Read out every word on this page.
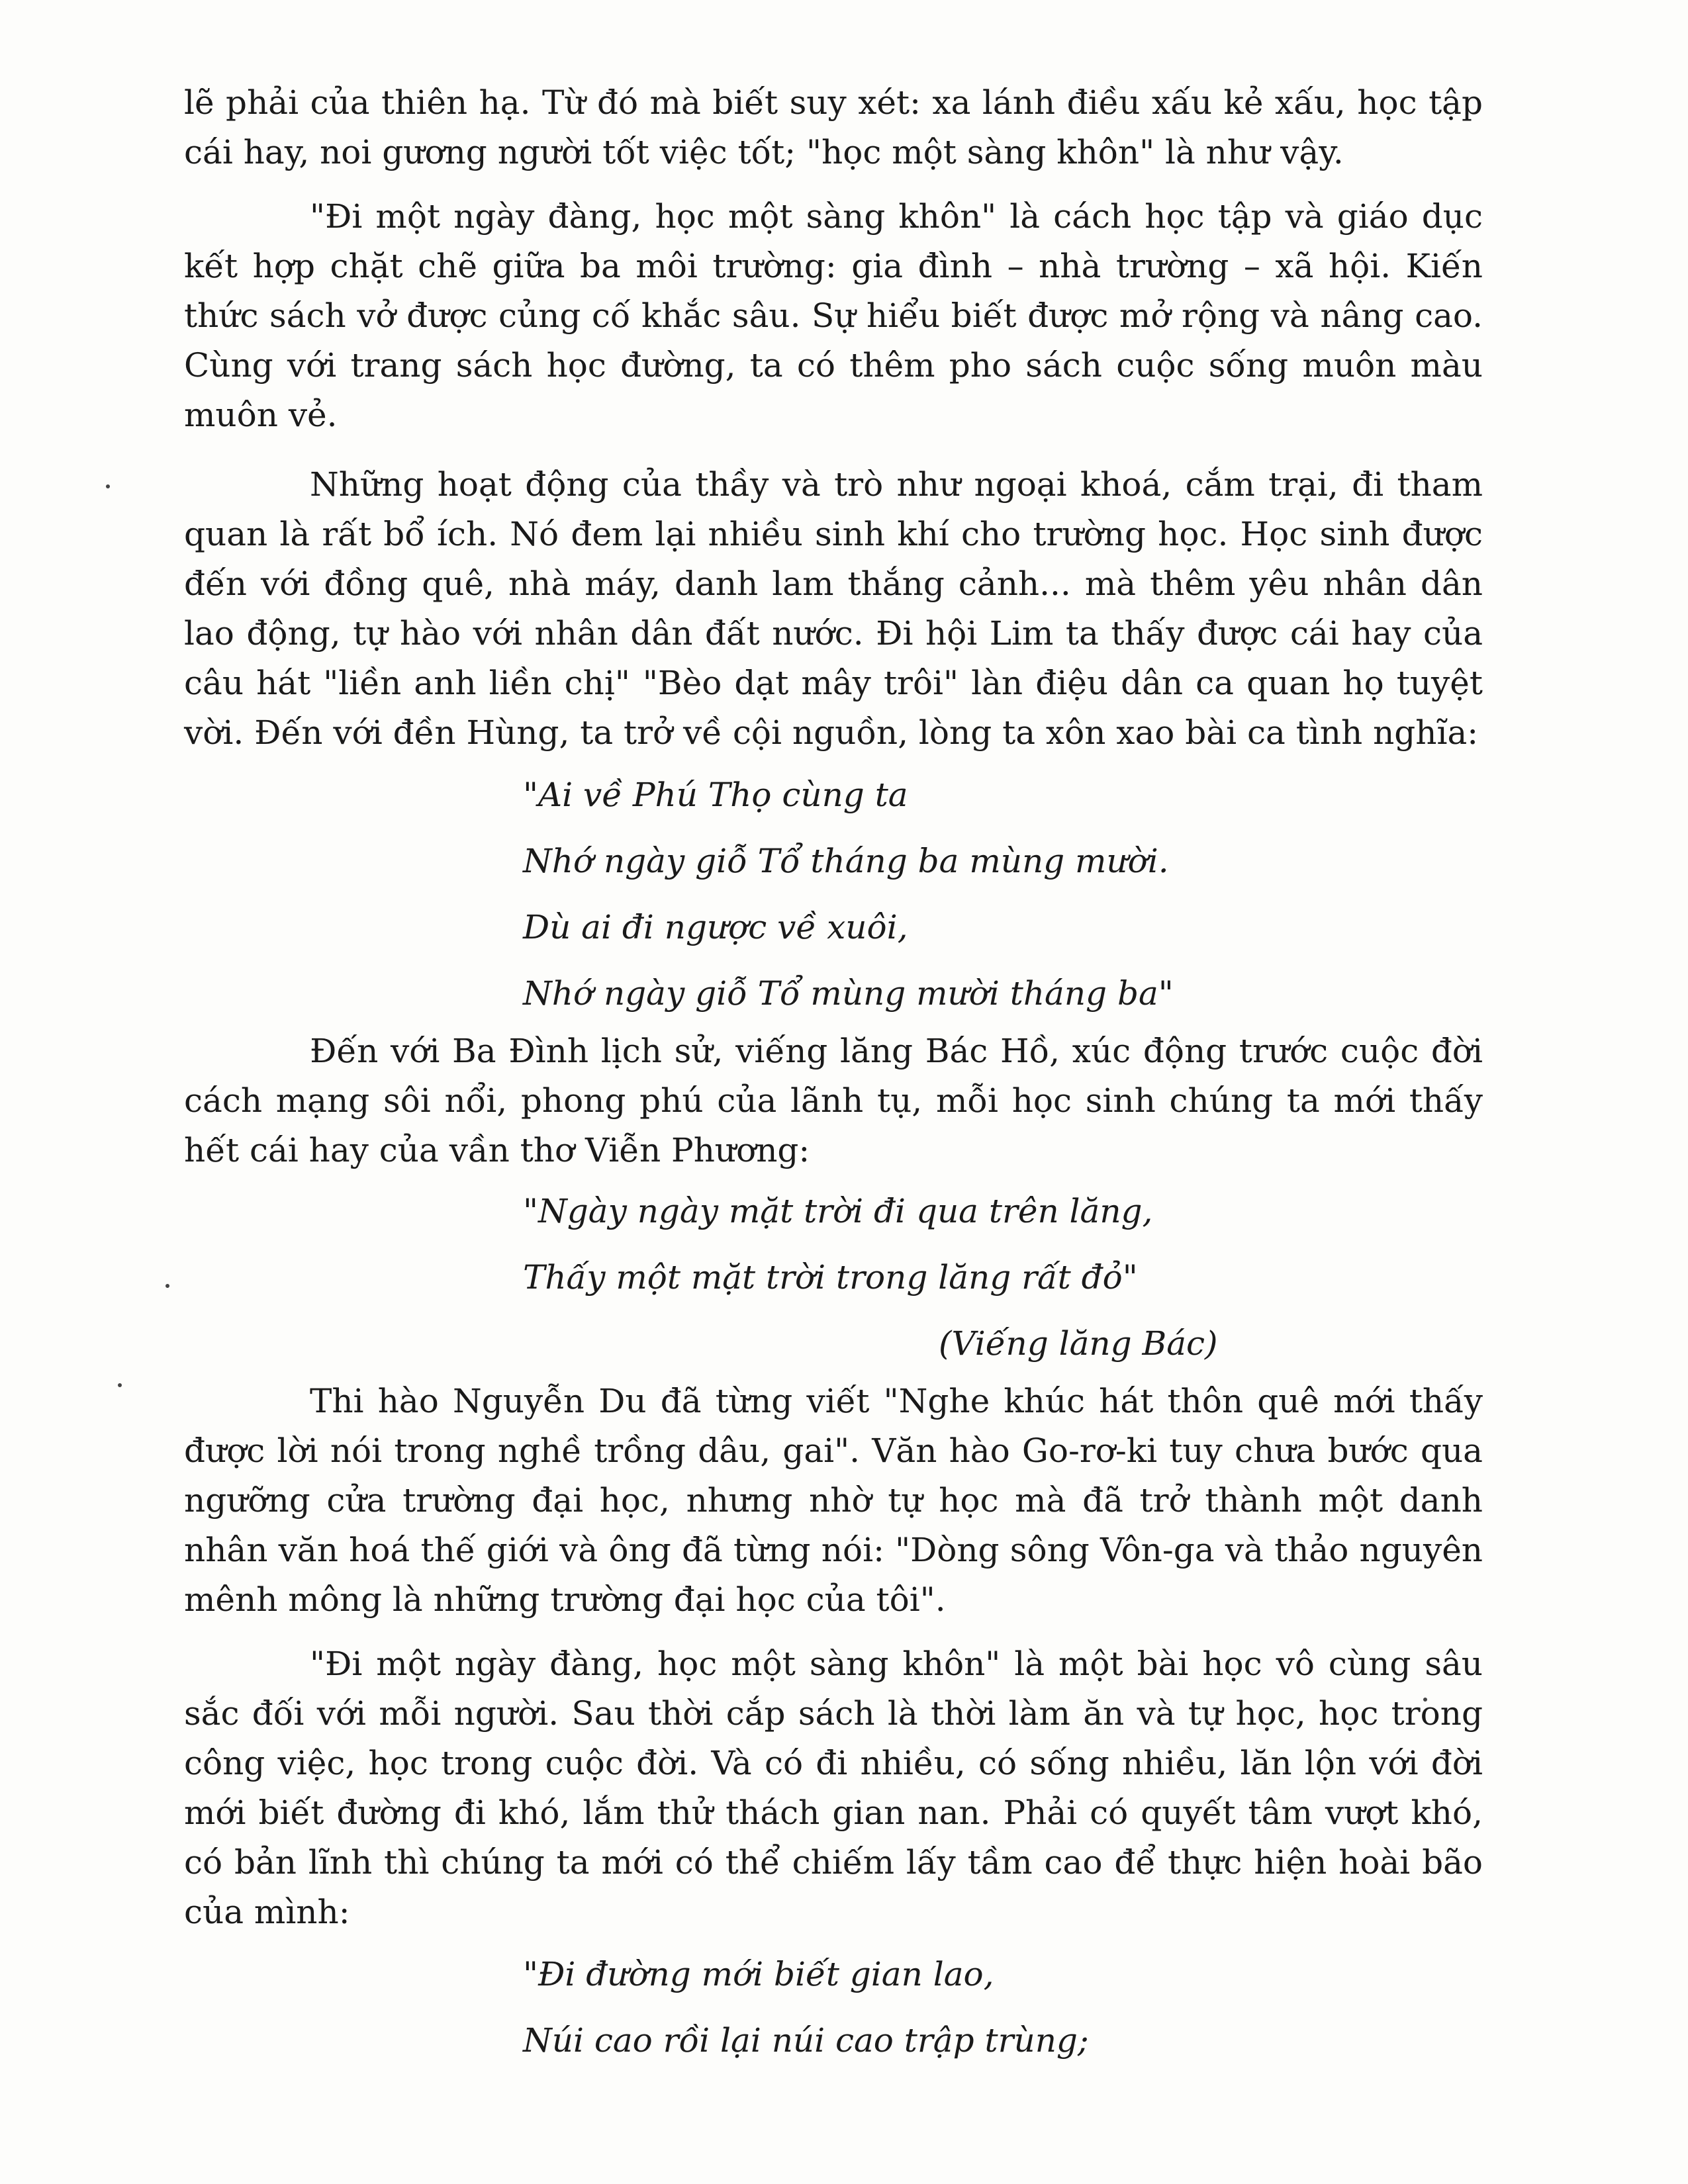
lẽ phải của thiên hạ. Từ đó mà biết suy xét: xa lánh điều xấu kẻ xấu, học tập cái hay, noi gương người tốt việc tốt; "học một sàng khôn" là như vậy.

"Đi một ngày đàng, học một sàng khôn" là cách học tập và giáo dục kết hợp chặt chẽ giữa ba môi trường: gia đình – nhà trường – xã hội. Kiến thức sách vở được củng cố khắc sâu. Sự hiểu biết được mở rộng và nâng cao. Cùng với trang sách học đường, ta có thêm pho sách cuộc sống muôn màu muôn vẻ.

Những hoạt động của thầy và trò như ngoại khoá, cắm trại, đi tham quan là rất bổ ích. Nó đem lại nhiều sinh khí cho trường học. Học sinh được đến với đồng quê, nhà máy, danh lam thắng cảnh... mà thêm yêu nhân dân lao động, tự hào với nhân dân đất nước. Đi hội Lim ta thấy được cái hay của câu hát "liền anh liền chị" "Bèo dạt mây trôi" làn điệu dân ca quan họ tuyệt vời. Đến với đền Hùng, ta trở về cội nguồn, lòng ta xôn xao bài ca tình nghĩa:

"Ai về Phú Thọ cùng ta
Nhớ ngày giỗ Tổ tháng ba mùng mười.
Dù ai đi ngược về xuôi,
Nhớ ngày giỗ Tổ mùng mười tháng ba"

Đến với Ba Đình lịch sử, viếng lăng Bác Hồ, xúc động trước cuộc đời cách mạng sôi nổi, phong phú của lãnh tụ, mỗi học sinh chúng ta mới thấy hết cái hay của vần thơ Viễn Phương:

"Ngày ngày mặt trời đi qua trên lăng,
Thấy một mặt trời trong lăng rất đỏ"
(Viếng lăng Bác)

Thi hào Nguyễn Du đã từng viết "Nghe khúc hát thôn quê mới thấy được lời nói trong nghề trồng dâu, gai". Văn hào Go-rơ-ki tuy chưa bước qua ngưỡng cửa trường đại học, nhưng nhờ tự học mà đã trở thành một danh nhân văn hoá thế giới và ông đã từng nói: "Dòng sông Vôn-ga và thảo nguyên mênh mông là những trường đại học của tôi".

"Đi một ngày đàng, học một sàng khôn" là một bài học vô cùng sâu sắc đối với mỗi người. Sau thời cắp sách là thời làm ăn và tự học, học trong công việc, học trong cuộc đời. Và có đi nhiều, có sống nhiều, lăn lộn với đời mới biết đường đi khó, lắm thử thách gian nan. Phải có quyết tâm vượt khó, có bản lĩnh thì chúng ta mới có thể chiếm lấy tầm cao để thực hiện hoài bão của mình:

"Đi đường mới biết gian lao,
Núi cao rồi lại núi cao trập trùng;
